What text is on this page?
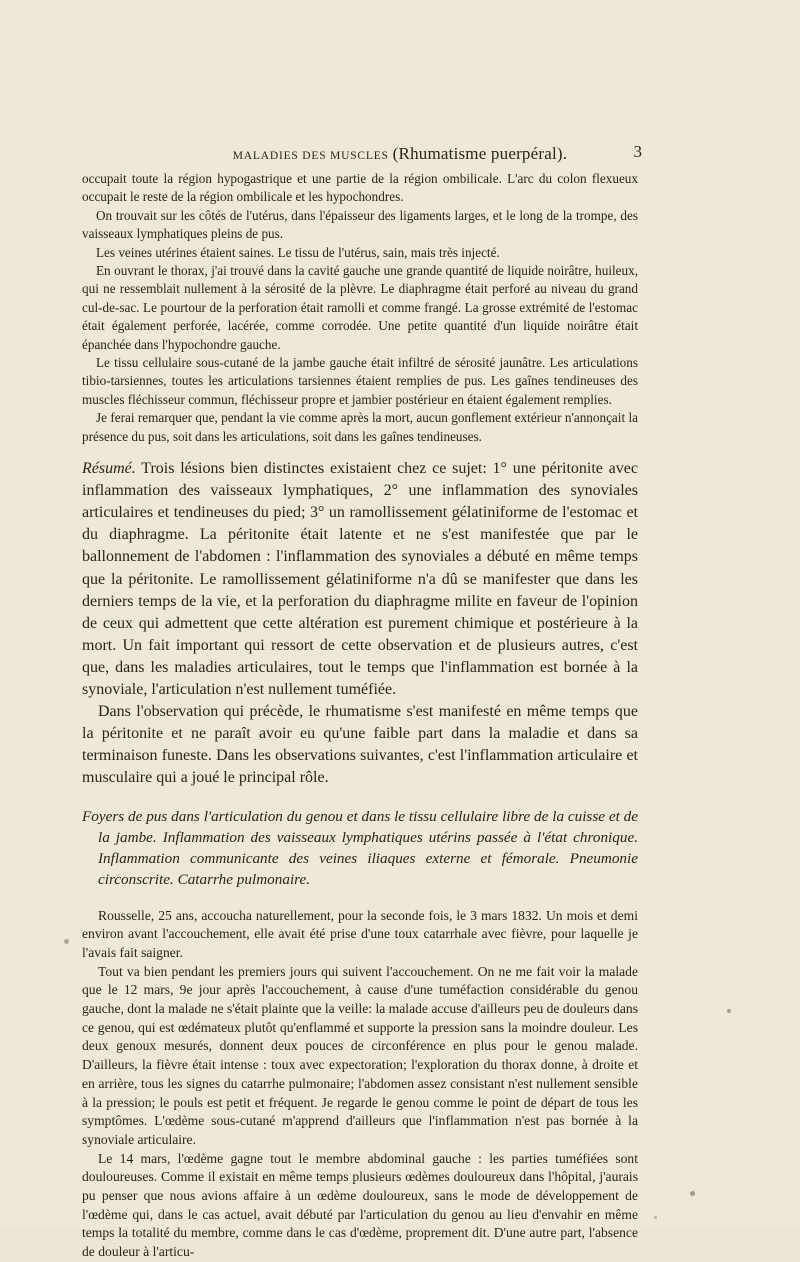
MALADIES DES MUSCLES (Rhumatisme puerpéral).	3

occupait toute la région hypogastrique et une partie de la région ombilicale. L'arc du colon flexueux occupait le reste de la région ombilicale et les hypochondres.

On trouvait sur les côtés de l'utérus, dans l'épaisseur des ligaments larges, et le long de la trompe, des vaisseaux lymphatiques pleins de pus.

Les veines utérines étaient saines. Le tissu de l'utérus, sain, mais très injecté.

En ouvrant le thorax, j'ai trouvé dans la cavité gauche une grande quantité de liquide noirâtre, huileux, qui ne ressemblait nullement à la sérosité de la plèvre. Le diaphragme était perforé au niveau du grand cul-de-sac. Le pourtour de la perforation était ramolli et comme frangé. La grosse extrémité de l'estomac était également perforée, lacérée, comme corrodée. Une petite quantité d'un liquide noirâtre était épanchée dans l'hypochondre gauche.

Le tissu cellulaire sous-cutané de la jambe gauche était infiltré de sérosité jaunâtre. Les articulations tibio-tarsiennes, toutes les articulations tarsiennes étaient remplies de pus. Les gaînes tendineuses des muscles fléchisseur commun, fléchisseur propre et jambier postérieur en étaient également remplies.

Je ferai remarquer que, pendant la vie comme après la mort, aucun gonflement extérieur n'annonçait la présence du pus, soit dans les articulations, soit dans les gaînes tendineuses.

Résumé. Trois lésions bien distinctes existaient chez ce sujet: 1° une péritonite avec inflammation des vaisseaux lymphatiques, 2° une inflammation des synoviales articulaires et tendineuses du pied; 3° un ramollissement gélatiniforme de l'estomac et du diaphragme. La péritonite était latente et ne s'est manifestée que par le ballonnement de l'abdomen : l'inflammation des synoviales a débuté en même temps que la péritonite. Le ramollissement gélatiniforme n'a dû se manifester que dans les derniers temps de la vie, et la perforation du diaphragme milite en faveur de l'opinion de ceux qui admettent que cette altération est purement chimique et postérieure à la mort. Un fait important qui ressort de cette observation et de plusieurs autres, c'est que, dans les maladies articulaires, tout le temps que l'inflammation est bornée à la synoviale, l'articulation n'est nullement tuméfiée.

Dans l'observation qui précède, le rhumatisme s'est manifesté en même temps que la péritonite et ne paraît avoir eu qu'une faible part dans la maladie et dans sa terminaison funeste. Dans les observations suivantes, c'est l'inflammation articulaire et musculaire qui a joué le principal rôle.

Foyers de pus dans l'articulation du genou et dans le tissu cellulaire libre de la cuisse et de la jambe. Inflammation des vaisseaux lymphatiques utérins passée à l'état chronique. Inflammation communicante des veines iliaques externe et fémorale. Pneumonie circonscrite. Catarrhe pulmonaire.

Rousselle, 25 ans, accoucha naturellement, pour la seconde fois, le 3 mars 1832. Un mois et demi environ avant l'accouchement, elle avait été prise d'une toux catarrhale avec fièvre, pour laquelle je l'avais fait saigner.

Tout va bien pendant les premiers jours qui suivent l'accouchement. On ne me fait voir la malade que le 12 mars, 9e jour après l'accouchement, à cause d'une tuméfaction considérable du genou gauche, dont la malade ne s'était plainte que la veille: la malade accuse d'ailleurs peu de douleurs dans ce genou, qui est œdémateux plutôt qu'enflammé et supporte la pression sans la moindre douleur. Les deux genoux mesurés, donnent deux pouces de circonférence en plus pour le genou malade. D'ailleurs, la fièvre était intense : toux avec expectoration; l'exploration du thorax donne, à droite et en arrière, tous les signes du catarrhe pulmonaire; l'abdomen assez consistant n'est nullement sensible à la pression; le pouls est petit et fréquent. Je regarde le genou comme le point de départ de tous les symptômes. L'œdème sous-cutané m'apprend d'ailleurs que l'inflammation n'est pas bornée à la synoviale articulaire.

Le 14 mars, l'œdème gagne tout le membre abdominal gauche : les parties tuméfiées sont douloureuses. Comme il existait en même temps plusieurs œdèmes douloureux dans l'hôpital, j'aurais pu penser que nous avions affaire à un œdème douloureux, sans le mode de développement de l'œdème qui, dans le cas actuel, avait débuté par l'articulation du genou au lieu d'envahir en même temps la totalité du membre, comme dans le cas d'œdème, proprement dit. D'une autre part, l'absence de douleur à l'articu-
